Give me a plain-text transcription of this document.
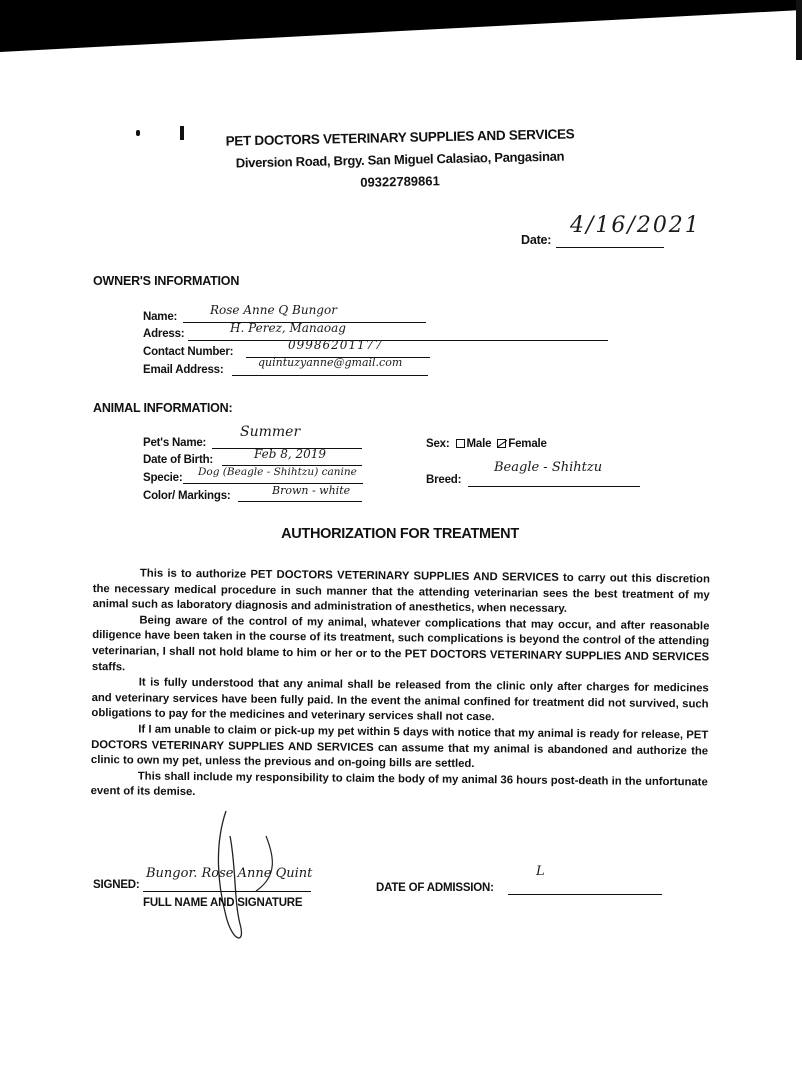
PET DOCTORS VETERINARY SUPPLIES AND SERVICES
Diversion Road, Brgy. San Miguel Calasiao, Pangasinan
09322789861
Date:
4/16/2021
OWNER'S INFORMATION
Name:	Rose Anne Q Bungor
Adress:	H. Perez, Manaoag
Contact Number:	09986201177
Email Address:
quintuzyanne@gmail.com
ANIMAL INFORMATION:
Pet's Name:
Summer
Sex: Male Female
Date of Birth:	Feb 8, 2019
Specie: Dog (Beagle - Shihtzu) canine
Breed:
Beagle - Shihtzu
Color/ Markings:	Brown - white
AUTHORIZATION FOR TREATMENT

This is to authorize PET DOCTORS VETERINARY SUPPLIES AND SERVICES to carry out this discretion the necessary medical procedure in such manner that the attending veterinarian sees the best treatment of my animal such as laboratory diagnosis and administration of anesthetics, when necessary.

Being aware of the control of my animal, whatever complications that may occur, and after reasonable diligence have been taken in the course of its treatment, such complications is beyond the control of the attending veterinarian, I shall not hold blame to him or her or to the PET DOCTORS VETERINARY SUPPLIES AND SERVICES staffs.

It is fully understood that any animal shall be released from the clinic only after charges for medicines and veterinary services have been fully paid. In the event the animal confined for treatment did not survived, such obligations to pay for the medicines and veterinary services shall not case.

If I am unable to claim or pick-up my pet within 5 days with notice that my animal is ready for release, PET DOCTORS VETERINARY SUPPLIES AND SERVICES can assume that my animal is abandoned and authorize the clinic to own my pet, unless the previous and on-going bills are settled.

This shall include my responsibility to claim the body of my animal 36 hours post-death in the unfortunate event of its demise.

SIGNED:
Bungor. Rose Anne Quint
FULL NAME AND SIGNATURE
DATE OF ADMISSION:
L
